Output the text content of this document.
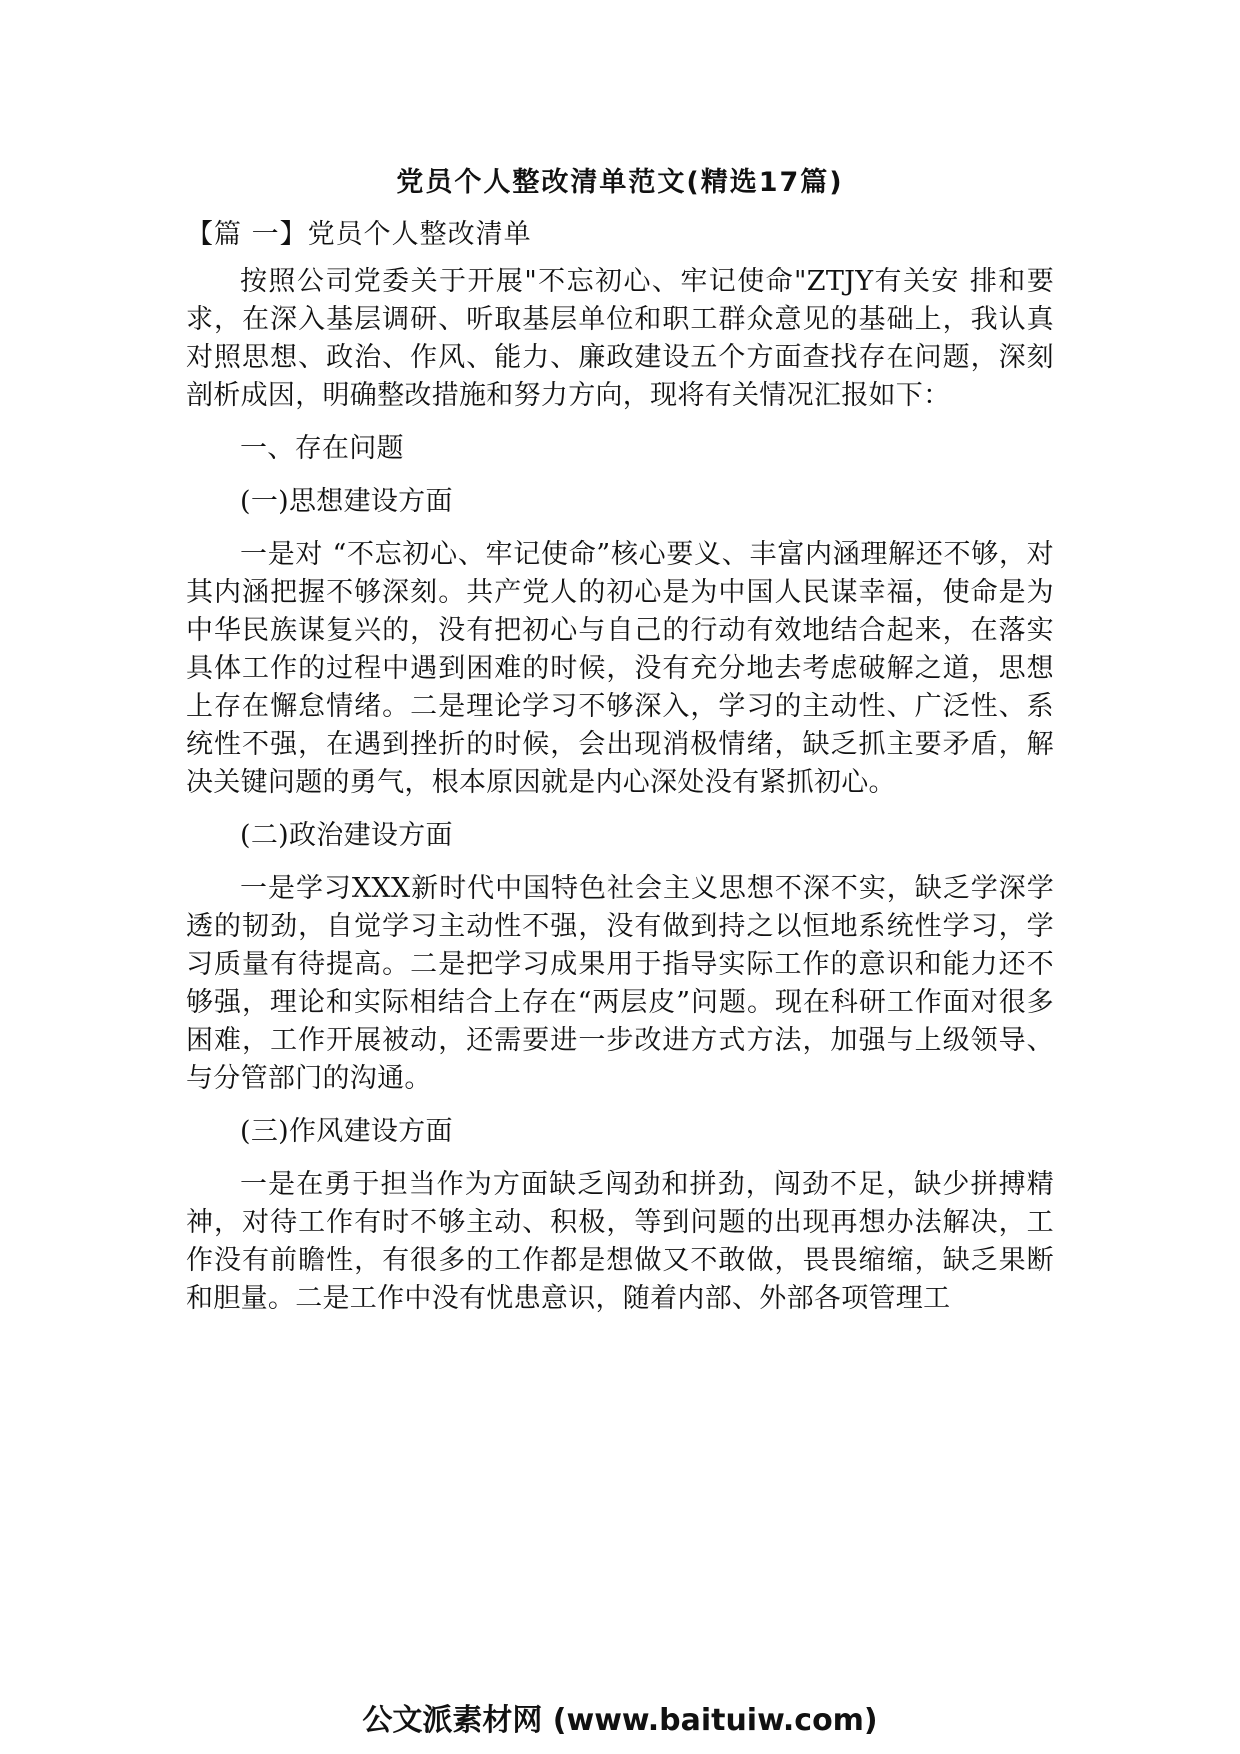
党员个人整改清单范文(精选17篇)
【篇 一】党员个人整改清单

按照公司党委关于开展"不忘初心、牢记使命"ZTJY有关安 排和要求，在深入基层调研、听取基层单位和职工群众意见的基础上，我认真对照思想、政治、作风、能力、廉政建设五个方面查找存在问题，深刻剖析成因，明确整改措施和努力方向，现将有关情况汇报如下：

一、存在问题

(一)思想建设方面

一是对 “不忘初心、牢记使命”核心要义、丰富内涵理解还不够，对其内涵把握不够深刻。共产党人的初心是为中国人民谋幸福，使命是为中华民族谋复兴的，没有把初心与自己的行动有效地结合起来，在落实具体工作的过程中遇到困难的时候，没有充分地去考虑破解之道，思想上存在懈怠情绪。二是理论学习不够深入，学习的主动性、广泛性、系统性不强，在遇到挫折的时候，会出现消极情绪，缺乏抓主要矛盾，解决关键问题的勇气，根本原因就是内心深处没有紧抓初心。

(二)政治建设方面

一是学习XXX新时代中国特色社会主义思想不深不实，缺乏学深学透的韧劲，自觉学习主动性不强，没有做到持之以恒地系统性学习，学习质量有待提高。二是把学习成果用于指导实际工作的意识和能力还不够强，理论和实际相结合上存在“两层皮”问题。现在科研工作面对很多困难，工作开展被动，还需要进一步改进方式方法，加强与上级领导、与分管部门的沟通。

(三)作风建设方面

一是在勇于担当作为方面缺乏闯劲和拼劲，闯劲不足，缺少拼搏精神，对待工作有时不够主动、积极，等到问题的出现再想办法解决，工作没有前瞻性，有很多的工作都是想做又不敢做，畏畏缩缩，缺乏果断和胆量。二是工作中没有忧患意识，随着内部、外部各项管理工

公文派素材网 (www.baituiw.com)
